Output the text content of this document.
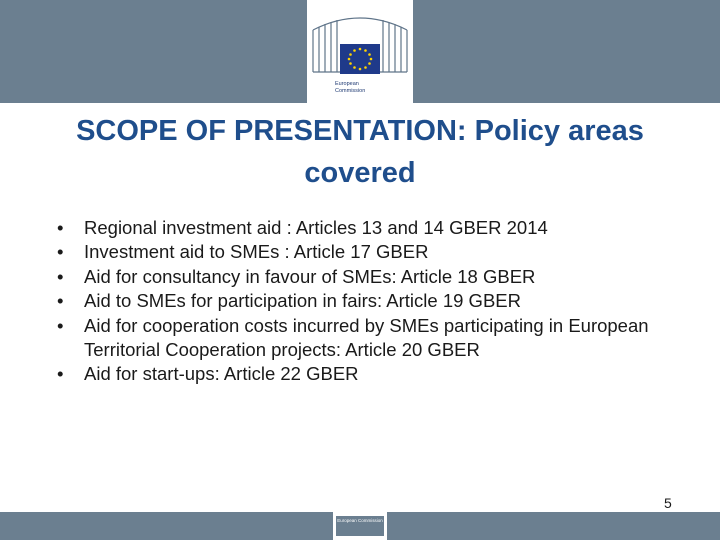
European
Commission
SCOPE OF PRESENTATION: Policy areas covered
•	Regional investment aid : Articles 13 and 14 GBER 2014
•	Investment aid to SMEs : Article 17 GBER
•	Aid for consultancy in favour of SMEs: Article 18 GBER
•	Aid to SMEs for participation in fairs: Article 19 GBER
•	Aid for cooperation costs incurred by SMEs participating in European Territorial Cooperation projects: Article 20 GBER
•	Aid for start-ups: Article 22 GBER
5
European Commission
